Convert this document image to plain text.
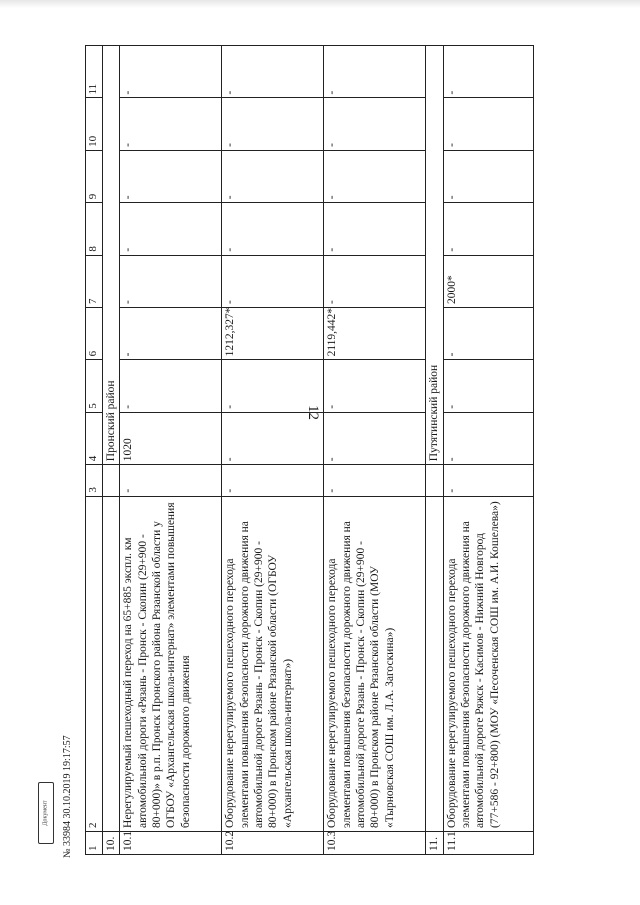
12
1	2	3	4	5	6	7	8	9	10	11
10.			Пронский район							
10.1	Нерегулируемый пешеходный переход на 65+885 экспл. км автомобильной дороги «Рязань - Пронск - Скопин (29+900 - 80+000)» в р.п. Пронск Пронского района Рязанской области у ОГБОУ «Архангельская школа-интернат» элементами повышения безопасности дорожного движения	-	1020	-	-	-	-	-	-	-
10.2	Оборудование нерегулируемого пешеходного перехода элементами повышения безопасности дорожного движения на автомобильной дороге Рязань - Пронск - Скопин (29+900 - 80+000) в Пронском районе Рязанской области (ОГБОУ «Архангельская школа-интернат»)	-	-	-	1212,327*	-	-	-	-	-
10.3	Оборудование нерегулируемого пешеходного перехода элементами повышения безопасности дорожного движения на автомобильной дороге Рязань - Пронск - Скопин (29+900 - 80+000) в Пронском районе Рязанской области (МОУ «Тырновская СОШ им. Л.А. Загоскина»)	-	-	-	2119,442*	-	-	-	-	-
11.			Путятинский район							
11.1	Оборудование нерегулируемого пешеходного перехода элементами повышения безопасности дорожного движения на автомобильной дороге Ряжск - Касимов - Нижний Новгород (77+586 - 92+800) (МОУ «Песоченская СОШ им. А.И. Кошелева»)	-	-	-	-	2000*	-	-	-	-
Документ № 33984 30.10.2019 19:17:57
